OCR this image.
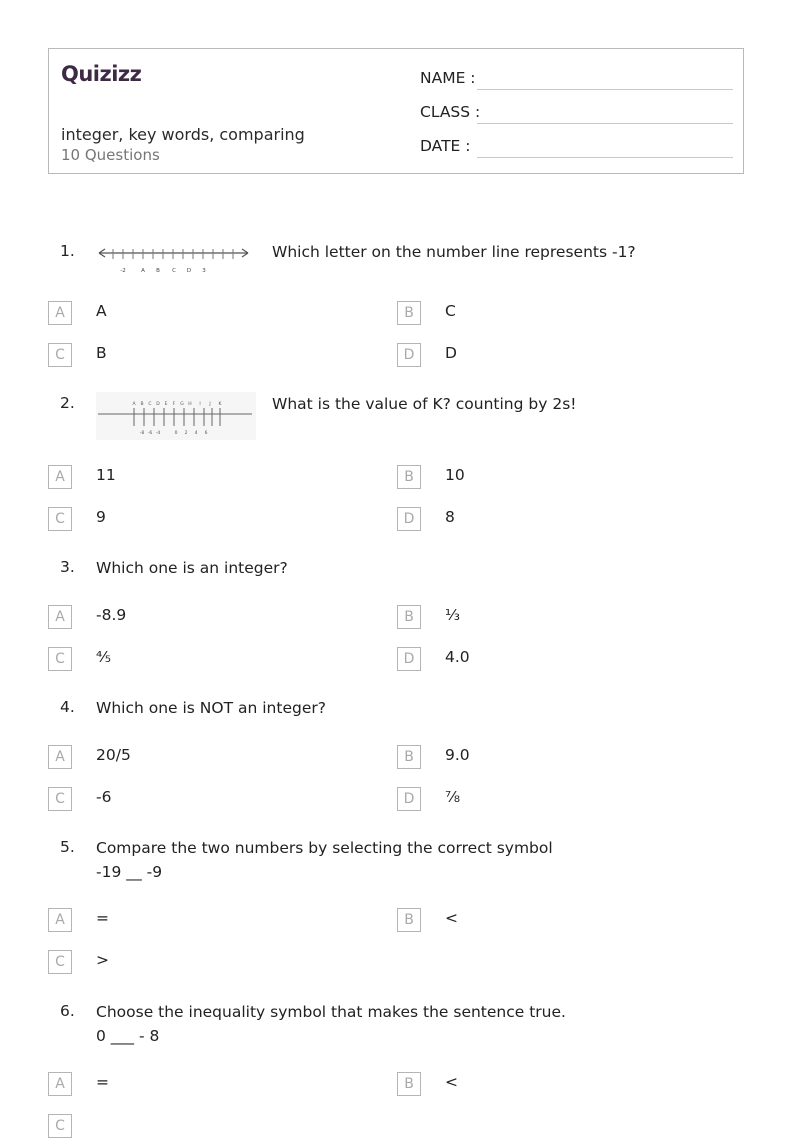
Quizizz
integer, key words, comparing
10 Questions
NAME :
CLASS :
DATE :
1.
-2	A B C D 3
Which letter on the number line represents -1?
A	A	B	C
C	B	D	D
2.	A B C D E F G H I J K
-8 -6 -4	0 2 4 6
What is the value of K? counting by 2s!
A	11	B	10
C	9	D	8
3. Which one is an integer?
A	-8.9	B	⅓
C	⅘	D	4.0
4. Which one is NOT an integer?
A	20/5	B	9.0
C	-6	D	⅞
5. Compare the two numbers by selecting the correct symbol
-19 __ -9
A	=	B	<
C	>
6. Choose the inequality symbol that makes the sentence true.
0 ___ - 8
A	=	B	<
C
